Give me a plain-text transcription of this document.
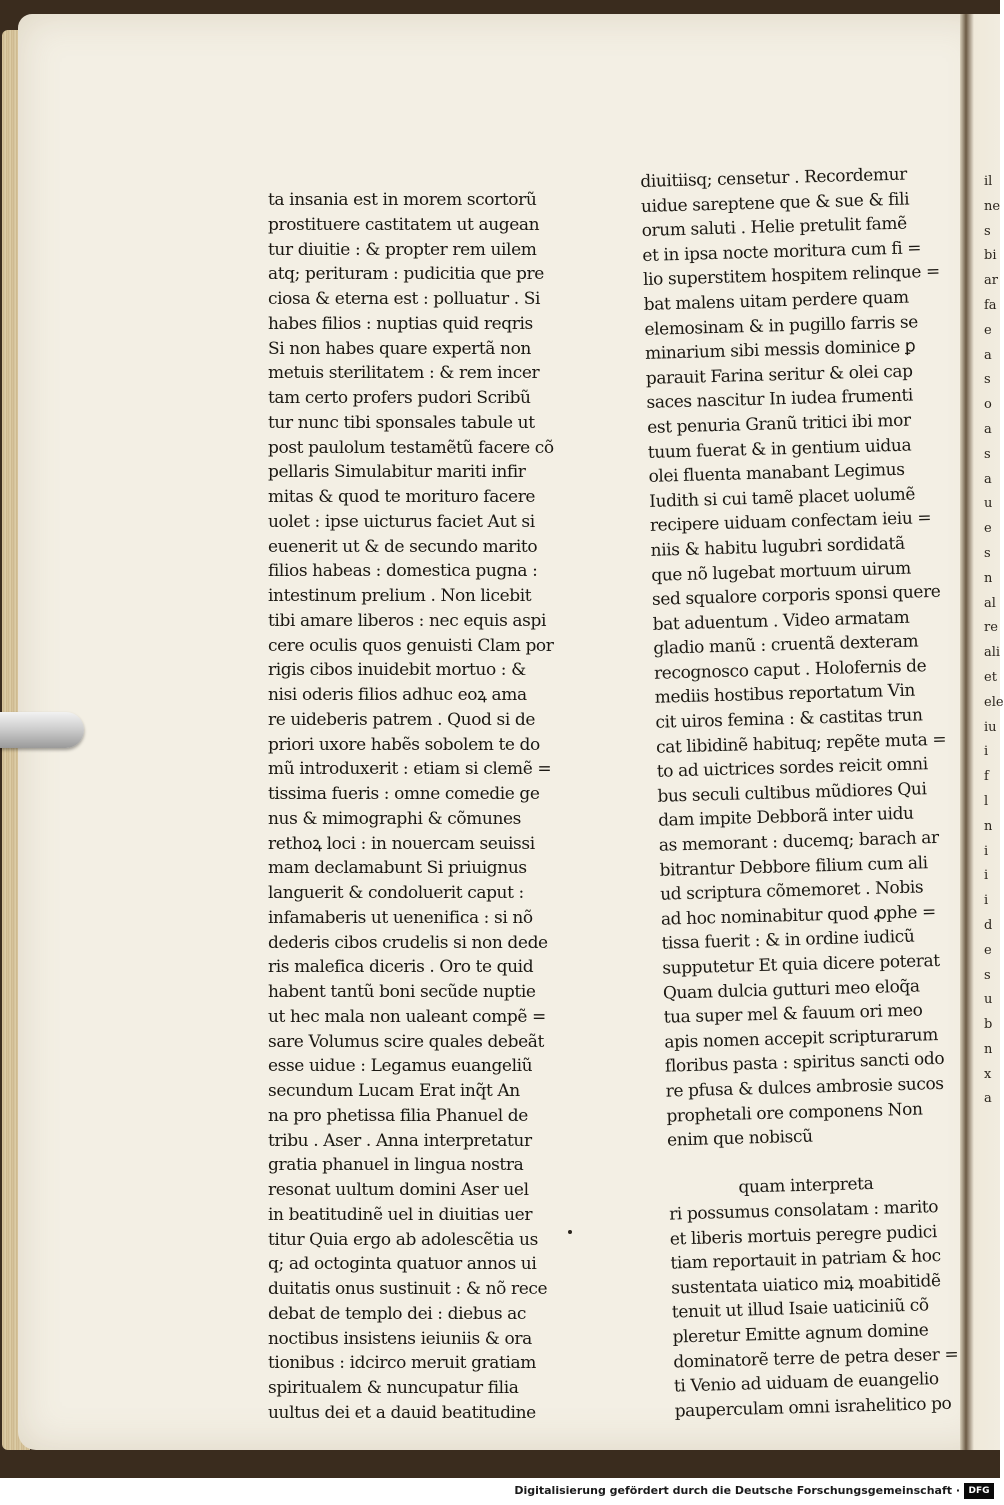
il
ne
s
bi
ar
fa
e
a
s
o
a
s
a
u
e
s
n
al
re
ali
et
ele
iu
i
f
l
n
i
i
i
d
e
s
u
b
n
x
a
ta insania est in morem scortorũ
prostituere castitatem ut augean
tur diuitie : & propter rem uilem
atq; perituram : pudicitia que pre
ciosa & eterna est : polluatur . Si
habes filios : nuptias quid reqris
Si non habes quare expertã non
metuis sterilitatem : & rem incer
tam certo profers pudori Scribũ
tur nunc tibi sponsales tabule ut
post paulolum testamẽtũ facere cõ
pellaris Simulabitur mariti infir
mitas & quod te morituro facere
uolet : ipse uicturus faciet Aut si
euenerit ut & de secundo marito
filios habeas : domestica pugna :
intestinum prelium . Non licebit
tibi amare liberos : nec equis aspi
cere oculis quos genuisti Clam por
rigis cibos inuidebit mortuo : &
nisi oderis filios adhuc eoꝝ ama
re uideberis patrem . Quod si de
priori uxore habẽs sobolem te do
mũ introduxerit : etiam si clemẽ =
tissima fueris : omne comedie ge
nus & mimographi & cõmunes
rethoꝝ loci : in nouercam seuissi
mam declamabunt Si priuignus
languerit & condoluerit caput :
infamaberis ut uenenifica : si nõ
dederis cibos crudelis si non dede
ris malefica diceris . Oro te quid
habent tantũ boni secũde nuptie
ut hec mala non ualeant compẽ =
sare Volumus scire quales debeãt
esse uidue : Legamus euangeliũ
secundum Lucam Erat inq̃t An
na pro phetissa filia Phanuel de
tribu . Aser . Anna interpretatur
gratia phanuel in lingua nostra
resonat uultum domini Aser uel
in beatitudinẽ uel in diuitias uer
titur Quia ergo ab adolescẽtia us
q; ad octoginta quatuor annos ui
duitatis onus sustinuit : & nõ rece
debat de templo dei : diebus ac
noctibus insistens ieiuniis & ora
tionibus : idcirco meruit gratiam
spiritualem & nuncupatur filia
uultus dei et a dauid beatitudine
diuitiisq; censetur . Recordemur
uidue sareptene que & sue & fili
orum saluti . Helie pretulit famẽ
et in ipsa nocte moritura cum fi =
lio superstitem hospitem relinque =
bat malens uitam perdere quam
elemosinam & in pugillo farris se
minarium sibi messis dominice ꝑ
parauit Farina seritur & olei cap
saces nascitur In iudea frumenti
est penuria Granũ tritici ibi mor
tuum fuerat & in gentium uidua
olei fluenta manabant Legimus
Iudith si cui tamẽ placet uolumẽ
recipere uiduam confectam ieiu =
niis & habitu lugubri sordidatã
que nõ lugebat mortuum uirum
sed squalore corporis sponsi quere
bat aduentum . Video armatam
gladio manũ : cruentã dexteram
recognosco caput . Holofernis de
mediis hostibus reportatum Vin
cit uiros femina : & castitas trun
cat libidinẽ habituq; repẽte muta =
to ad uictrices sordes reicit omni
bus seculi cultibus mũdiores Qui
dam impite Debborã inter uidu
as memorant : ducemq; barach ar
bitrantur Debbore filium cum ali
ud scriptura cõmemoret . Nobis
ad hoc nominabitur quod ꝓphe =
tissa fuerit : & in ordine iudicũ
supputetur Et quia dicere poterat
Quam dulcia gutturi meo eloq̃a
tua super mel & fauum ori meo
apis nomen accepit scripturarum
floribus pasta : spiritus sancti odo
re pfusa & dulces ambrosie sucos
prophetali ore componens Non
enim que nobiscũ

quam interpreta
ri possumus consolatam : marito
et liberis mortuis peregre pudici
tiam reportauit in patriam & hoc
sustentata uiatico miꝝ moabitidẽ
tenuit ut illud Isaie uaticiniũ cõ
pleretur Emitte agnum domine
dominatorẽ terre de petra deser =
ti Venio ad uiduam de euangelio
pauperculam omni israhelitico po
Digitalisierung gefördert durch die Deutsche Forschungsgemeinschaft · DFG
